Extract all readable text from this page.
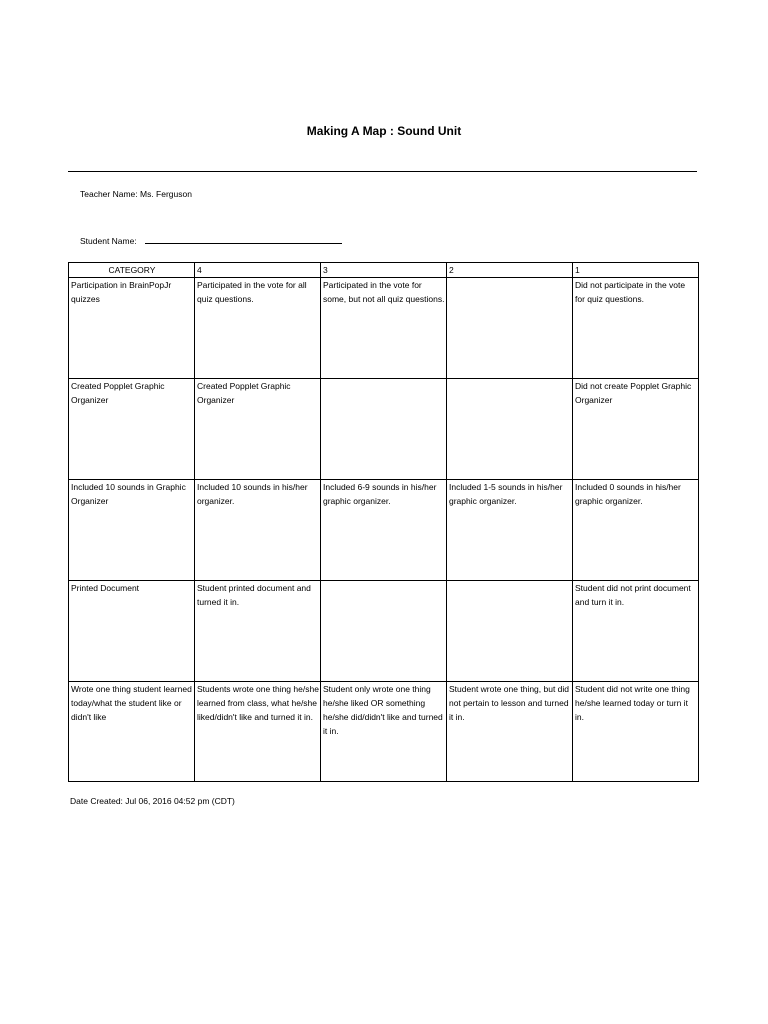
Making A Map : Sound Unit
Teacher Name: Ms. Ferguson
Student Name:
CATEGORY	4	3	2	1
Participation in BrainPopJr quizzes	Participated in the vote for all quiz questions.	Participated in the vote for some, but not all quiz questions.		Did not participate in the vote for quiz questions.
Created Popplet Graphic Organizer	Created Popplet Graphic Organizer			Did not create Popplet Graphic Organizer
Included 10 sounds in Graphic Organizer	Included 10 sounds in his/her organizer.	Included 6-9 sounds in his/her graphic organizer.	Included 1-5 sounds in his/her graphic organizer.	Included 0 sounds in his/her graphic organizer.
Printed Document	Student printed document and turned it in.			Student did not print document and turn it in.
Wrote one thing student learned today/what the student like or didn't like	Students wrote one thing he/she learned from class, what he/she liked/didn't like and turned it in.	Student only wrote one thing he/she liked OR something he/she did/didn't like and turned it in.	Student wrote one thing, but did not pertain to lesson and turned it in.	Student did not write one thing he/she learned today or turn it in.
Date Created: Jul 06, 2016 04:52 pm (CDT)
